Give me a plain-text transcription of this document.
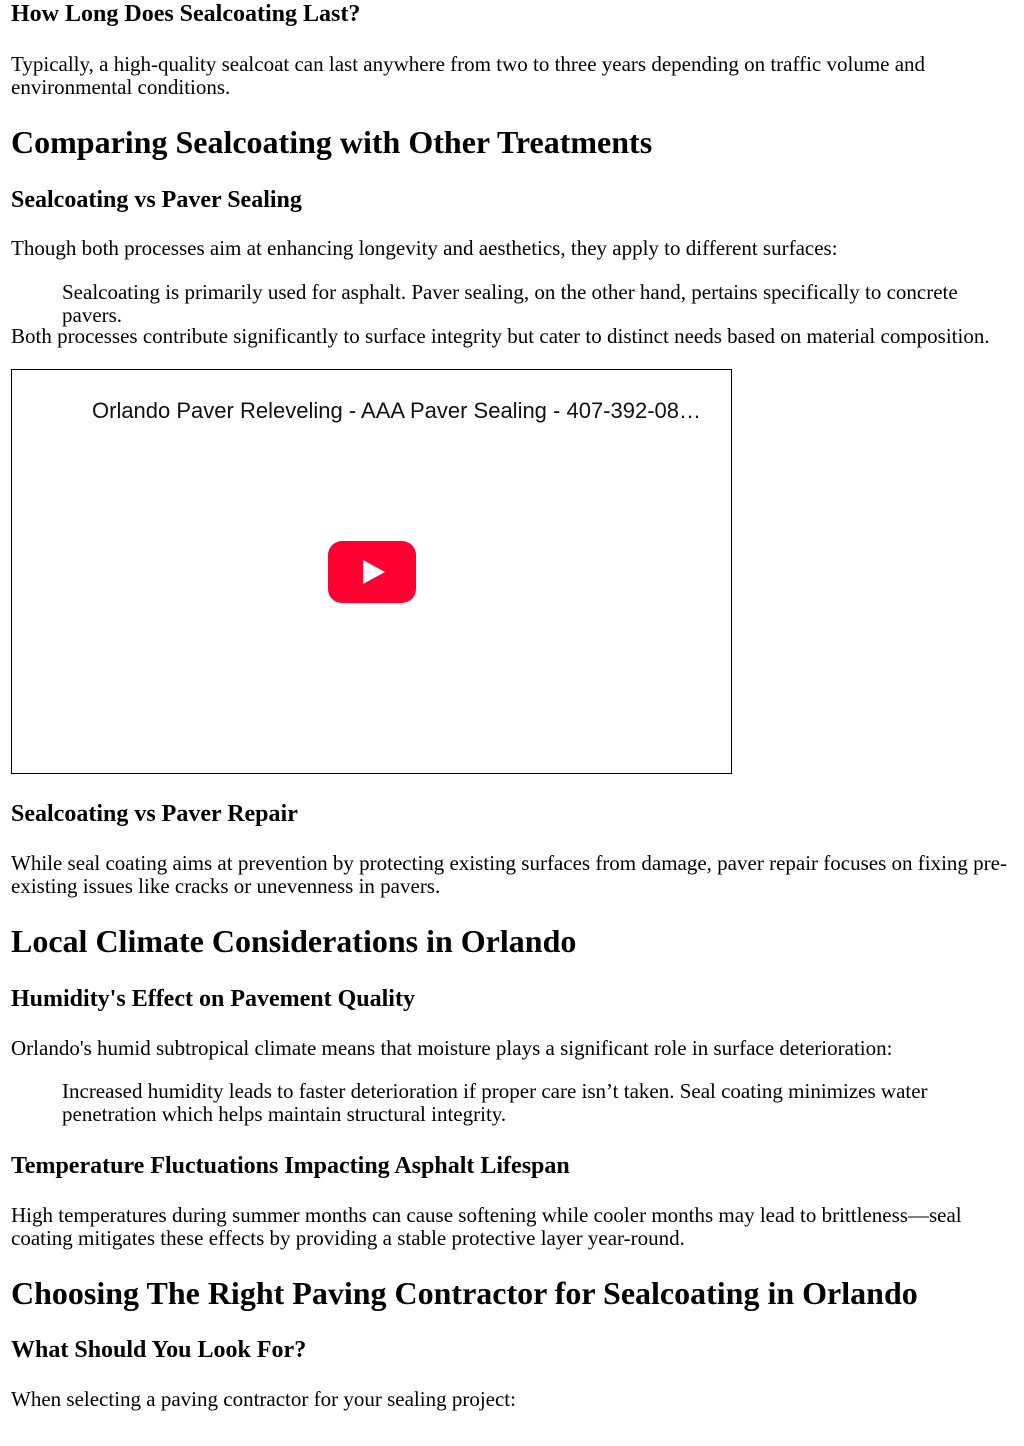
How Long Does Sealcoating Last?

Typically, a high-quality sealcoat can last anywhere from two to three years depending on traffic volume and environmental conditions.

Comparing Sealcoating with Other Treatments
Sealcoating vs Paver Sealing

Though both processes aim at enhancing longevity and aesthetics, they apply to different surfaces:

Sealcoating is primarily used for asphalt. Paver sealing, on the other hand, pertains specifically to concrete pavers.

Both processes contribute significantly to surface integrity but cater to distinct needs based on material composition.

Orlando Paver Releveling - AAA Paver Sealing - 407-392-08…
Sealcoating vs Paver Repair

While seal coating aims at prevention by protecting existing surfaces from damage, paver repair focuses on fixing pre-existing issues like cracks or unevenness in pavers.

Local Climate Considerations in Orlando
Humidity's Effect on Pavement Quality

Orlando's humid subtropical climate means that moisture plays a significant role in surface deterioration:

Increased humidity leads to faster deterioration if proper care isn’t taken. Seal coating minimizes water penetration which helps maintain structural integrity.
Temperature Fluctuations Impacting Asphalt Lifespan

High temperatures during summer months can cause softening while cooler months may lead to brittleness—seal coating mitigates these effects by providing a stable protective layer year-round.

Choosing The Right Paving Contractor for Sealcoating in Orlando
What Should You Look For?

When selecting a paving contractor for your sealing project:
